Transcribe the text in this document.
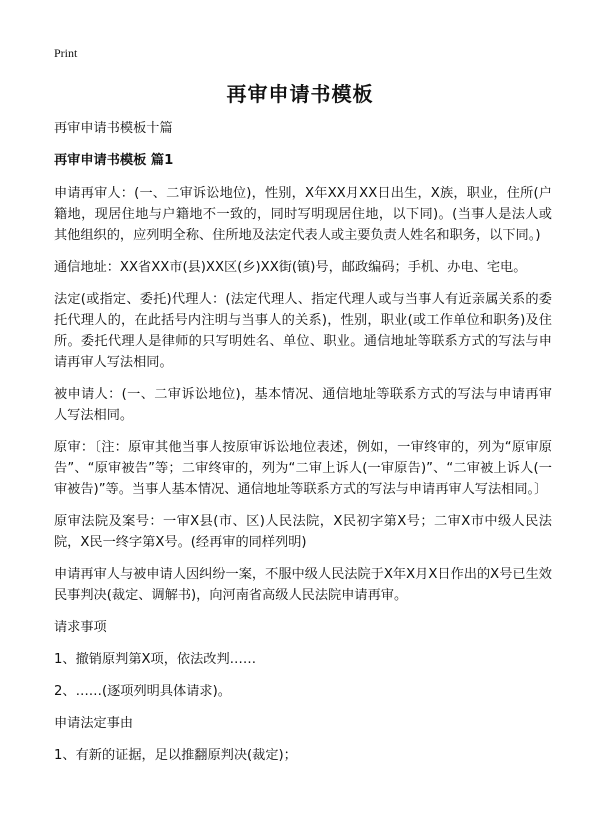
Print
再审申请书模板
再审申请书模板十篇
再审申请书模板 篇1
申请再审人：(一、二审诉讼地位)，性别，X年XX月XX日出生，X族，职业，住所(户籍地，现居住地与户籍地不一致的，同时写明现居住地，以下同)。(当事人是法人或其他组织的，应列明全称、住所地及法定代表人或主要负责人姓名和职务，以下同。)
通信地址：XX省XX市(县)XX区(乡)XX街(镇)号，邮政编码；手机、办电、宅电。
法定(或指定、委托)代理人：(法定代理人、指定代理人或与当事人有近亲属关系的委托代理人的，在此括号内注明与当事人的关系)，性别，职业(或工作单位和职务)及住所。委托代理人是律师的只写明姓名、单位、职业。通信地址等联系方式的写法与申请再审人写法相同。
被申请人：(一、二审诉讼地位)，基本情况、通信地址等联系方式的写法与申请再审人写法相同。
原审：〔注：原审其他当事人按原审诉讼地位表述，例如，一审终审的，列为“原审原告”、“原审被告”等；二审终审的，列为“二审上诉人(一审原告)”、“二审被上诉人(一审被告)”等。当事人基本情况、通信地址等联系方式的写法与申请再审人写法相同。〕
原审法院及案号：一审X县(市、区)人民法院，X民初字第X号；二审X市中级人民法院，X民一终字第X号。(经再审的同样列明)
申请再审人与被申请人因纠纷一案，不服中级人民法院于X年X月X日作出的X号已生效民事判决(裁定、调解书)，向河南省高级人民法院申请再审。
请求事项
1、撤销原判第X项，依法改判……
2、……(逐项列明具体请求)。
申请法定事由
1、有新的证据，足以推翻原判决(裁定)；
